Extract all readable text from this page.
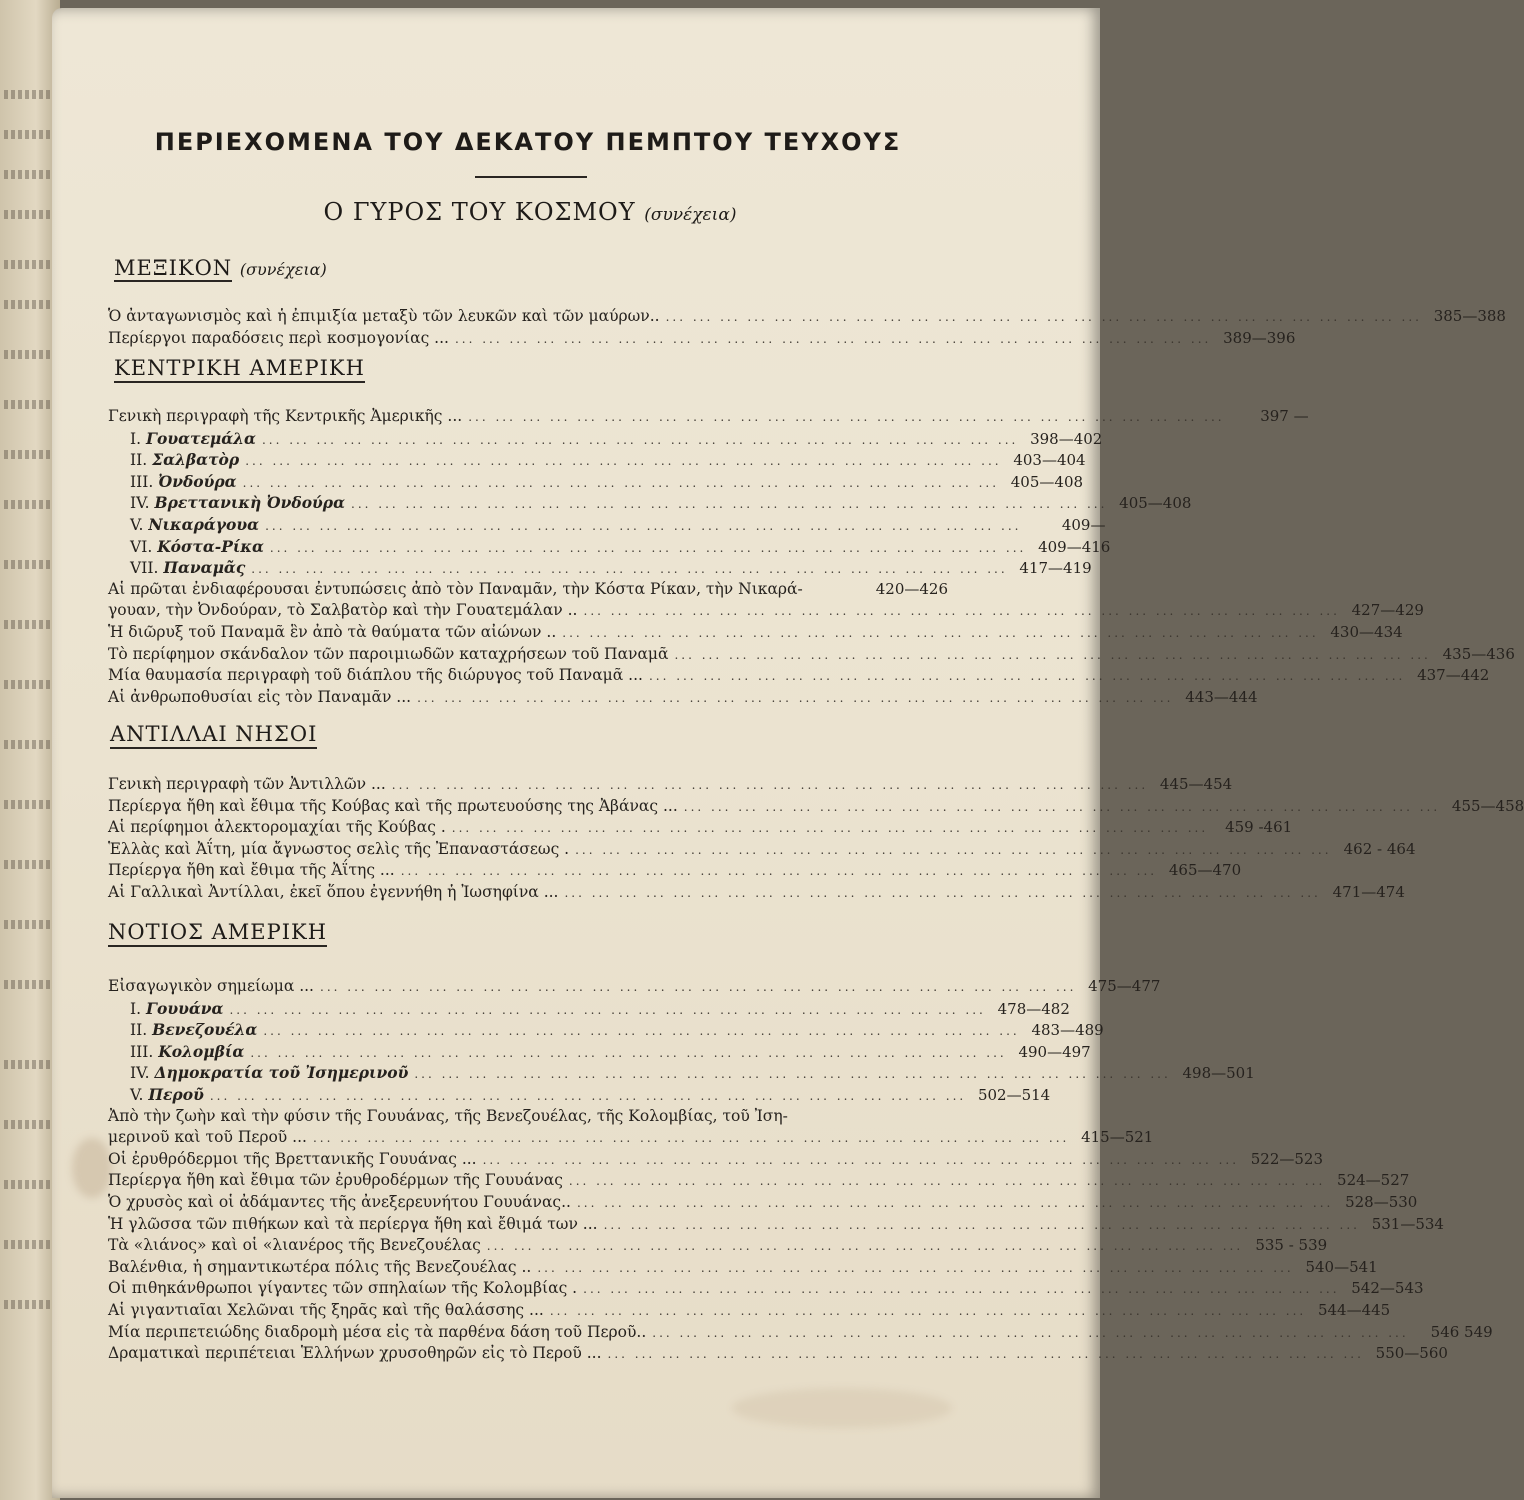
ΠΕΡΙΕΧΟΜΕΝΑ ΤΟΥ ΔΕΚΑΤΟΥ ΠΕΜΠΤΟΥ ΤΕΥΧΟΥΣ
Ο ΓΥΡΟΣ ΤΟΥ ΚΟΣΜΟΥ (συνέχεια)
ΜΕΞΙΚΟΝ (συνέχεια)
Ὁ ἀνταγωνισμὸς καὶ ἡ ἐπιμιξία μεταξὺ τῶν λευκῶν καὶ τῶν μαύρων.. ... ... ... ... ... ... ... ... ... ... ... ... ... ... ... ... ... ... ... ... ... ... ... ... ... ... ... ... 385—388
Περίεργοι παραδόσεις περὶ κοσμογονίας ... ... ... ... ... ... ... ... ... ... ... ... ... ... ... ... ... ... ... ... ... ... ... ... ... ... ... ... ... 389—396
ΚΕΝΤΡΙΚΗ ΑΜΕΡΙΚΗ
Γενικὴ περιγραφὴ τῆς Κεντρικῆς Ἀμερικῆς ... ... ... ... ... ... ... ... ... ... ... ... ... ... ... ... ... ... ... ... ... ... ... ... ... ... ... ... ...	397 —
I. Γουατεμάλα ... ... ... ... ... ... ... ... ... ... ... ... ... ... ... ... ... ... ... ... ... ... ... ... ... ... ... ... 398—402
II. Σαλβατὸρ ... ... ... ... ... ... ... ... ... ... ... ... ... ... ... ... ... ... ... ... ... ... ... ... ... ... ... ... 403—404
III. Ὀνδούρα ... ... ... ... ... ... ... ... ... ... ... ... ... ... ... ... ... ... ... ... ... ... ... ... ... ... ... ... 405—408
IV. Βρεττανικὴ Ὀνδούρα ... ... ... ... ... ... ... ... ... ... ... ... ... ... ... ... ... ... ... ... ... ... ... ... ... ... ... ... 405—408
V. Νικαράγουα ... ... ... ... ... ... ... ... ... ... ... ... ... ... ... ... ... ... ... ... ... ... ... ... ... ... ... ...	409—
VI. Κόστα-Ρίκα ... ... ... ... ... ... ... ... ... ... ... ... ... ... ... ... ... ... ... ... ... ... ... ... ... ... ... ... 409—416
VII. Παναμᾶς ... ... ... ... ... ... ... ... ... ... ... ... ... ... ... ... ... ... ... ... ... ... ... ... ... ... ... ... 417—419
Αἱ πρῶται ἐνδιαφέρουσαι ἐντυπώσεις ἀπὸ τὸν Παναμᾶν, τὴν Κόστα Ρίκαν, τὴν Νικαρά-	420—426
γουαν, τὴν Ὀνδούραν, τὸ Σαλβατὸρ καὶ τὴν Γουατεμάλαν .. ... ... ... ... ... ... ... ... ... ... ... ... ... ... ... ... ... ... ... ... ... ... ... ... ... ... ... ... 427—429
Ἡ διῶρυξ τοῦ Παναμᾶ ἓν ἀπὸ τὰ θαύματα τῶν αἰώνων .. ... ... ... ... ... ... ... ... ... ... ... ... ... ... ... ... ... ... ... ... ... ... ... ... ... ... ... ... 430—434
Τὸ περίφημον σκάνδαλον τῶν παροιμιωδῶν καταχρήσεων τοῦ Παναμᾶ ... ... ... ... ... ... ... ... ... ... ... ... ... ... ... ... ... ... ... ... ... ... ... ... ... ... ... ... 435—436
Μία θαυμασία περιγραφὴ τοῦ διάπλου τῆς διώρυγος τοῦ Παναμᾶ ... ... ... ... ... ... ... ... ... ... ... ... ... ... ... ... ... ... ... ... ... ... ... ... ... ... ... ... ... 437—442
Αἱ ἀνθρωποθυσίαι εἰς τὸν Παναμᾶν ... ... ... ... ... ... ... ... ... ... ... ... ... ... ... ... ... ... ... ... ... ... ... ... ... ... ... ... ... 443—444
ΑΝΤΙΛΛΑΙ ΝΗΣΟΙ
Γενικὴ περιγραφὴ τῶν Ἀντιλλῶν ... ... ... ... ... ... ... ... ... ... ... ... ... ... ... ... ... ... ... ... ... ... ... ... ... ... ... ... ... 445—454
Περίεργα ἤθη καὶ ἔθιμα τῆς Κούβας καὶ τῆς πρωτευούσης της Ἀβάνας ... ... ... ... ... ... ... ... ... ... ... ... ... ... ... ... ... ... ... ... ... ... ... ... ... ... ... ... ... 455—458
Αἱ περίφημοι ἀλεκτορομαχίαι τῆς Κούβας . ... ... ... ... ... ... ... ... ... ... ... ... ... ... ... ... ... ... ... ... ... ... ... ... ... ... ... ...	459 -461
Ἑλλὰς καὶ Ἀΐτη, μία ἄγνωστος σελὶς τῆς Ἐπαναστάσεως . ... ... ... ... ... ... ... ... ... ... ... ... ... ... ... ... ... ... ... ... ... ... ... ... ... ... ... ... 462 - 464
Περίεργα ἤθη καὶ ἔθιμα τῆς Ἀΐτης ... ... ... ... ... ... ... ... ... ... ... ... ... ... ... ... ... ... ... ... ... ... ... ... ... ... ... ... ... 465—470
Αἱ Γαλλικαὶ Ἀντίλλαι, ἐκεῖ ὅπου ἐγεννήθη ἡ Ἰωσηφίνα ... ... ... ... ... ... ... ... ... ... ... ... ... ... ... ... ... ... ... ... ... ... ... ... ... ... ... ... ... 471—474
ΝΟΤΙΟΣ ΑΜΕΡΙΚΗ
Εἰσαγωγικὸν σημείωμα ... ... ... ... ... ... ... ... ... ... ... ... ... ... ... ... ... ... ... ... ... ... ... ... ... ... ... ... ... 475—477
I. Γουυάνα ... ... ... ... ... ... ... ... ... ... ... ... ... ... ... ... ... ... ... ... ... ... ... ... ... ... ... ... 478—482
II. Βενεζουέλα ... ... ... ... ... ... ... ... ... ... ... ... ... ... ... ... ... ... ... ... ... ... ... ... ... ... ... ... 483—489
III. Κολομβία ... ... ... ... ... ... ... ... ... ... ... ... ... ... ... ... ... ... ... ... ... ... ... ... ... ... ... ... 490—497
IV. Δημοκρατία τοῦ Ἰσημερινοῦ ... ... ... ... ... ... ... ... ... ... ... ... ... ... ... ... ... ... ... ... ... ... ... ... ... ... ... ... 498—501
V. Περοῦ ... ... ... ... ... ... ... ... ... ... ... ... ... ... ... ... ... ... ... ... ... ... ... ... ... ... ... ... 502—514
Ἀπὸ τὴν ζωὴν καὶ τὴν φύσιν τῆς Γουυάνας, τῆς Βενεζουέλας, τῆς Κολομβίας, τοῦ Ἰση-
μερινοῦ καὶ τοῦ Περοῦ ... ... ... ... ... ... ... ... ... ... ... ... ... ... ... ... ... ... ... ... ... ... ... ... ... ... ... ... ... 415—521
Οἱ ἐρυθρόδερμοι τῆς Βρεττανικῆς Γουυάνας ... ... ... ... ... ... ... ... ... ... ... ... ... ... ... ... ... ... ... ... ... ... ... ... ... ... ... ... ... 522—523
Περίεργα ἤθη καὶ ἔθιμα τῶν ἐρυθροδέρμων τῆς Γουυάνας ... ... ... ... ... ... ... ... ... ... ... ... ... ... ... ... ... ... ... ... ... ... ... ... ... ... ... ... 524—527
Ὁ χρυσὸς καὶ οἱ ἀδάμαντες τῆς ἀνεξερευνήτου Γουυάνας.. ... ... ... ... ... ... ... ... ... ... ... ... ... ... ... ... ... ... ... ... ... ... ... ... ... ... ... ... 528—530
Ἡ γλῶσσα τῶν πιθήκων καὶ τὰ περίεργα ἤθη καὶ ἔθιμά των ... ... ... ... ... ... ... ... ... ... ... ... ... ... ... ... ... ... ... ... ... ... ... ... ... ... ... ... ... 531—534
Τὰ «λιάνος» καὶ οἱ «λιανέρος τῆς Βενεζουέλας ... ... ... ... ... ... ... ... ... ... ... ... ... ... ... ... ... ... ... ... ... ... ... ... ... ... ... ... 535 - 539
Βαλένθια, ἡ σημαντικωτέρα πόλις τῆς Βενεζουέλας .. ... ... ... ... ... ... ... ... ... ... ... ... ... ... ... ... ... ... ... ... ... ... ... ... ... ... ... ... 540—541
Οἱ πιθηκάνθρωποι γίγαντες τῶν σπηλαίων τῆς Κολομβίας . ... ... ... ... ... ... ... ... ... ... ... ... ... ... ... ... ... ... ... ... ... ... ... ... ... ... ... ... 542—543
Αἱ γιγαντιαῖαι Χελῶναι τῆς ξηρᾶς καὶ τῆς θαλάσσης ... ... ... ... ... ... ... ... ... ... ... ... ... ... ... ... ... ... ... ... ... ... ... ... ... ... ... ... ... 544—445
Μία περιπετειώδης διαδρομὴ μέσα εἰς τὰ παρθένα δάση τοῦ Περοῦ.. ... ... ... ... ... ... ... ... ... ... ... ... ... ... ... ... ... ... ... ... ... ... ... ... ... ... ... ...	546 549
Δραματικαὶ περιπέτειαι Ἑλλήνων χρυσοθηρῶν εἰς τὸ Περοῦ ... ... ... ... ... ... ... ... ... ... ... ... ... ... ... ... ... ... ... ... ... ... ... ... ... ... ... ... ... 550—560
